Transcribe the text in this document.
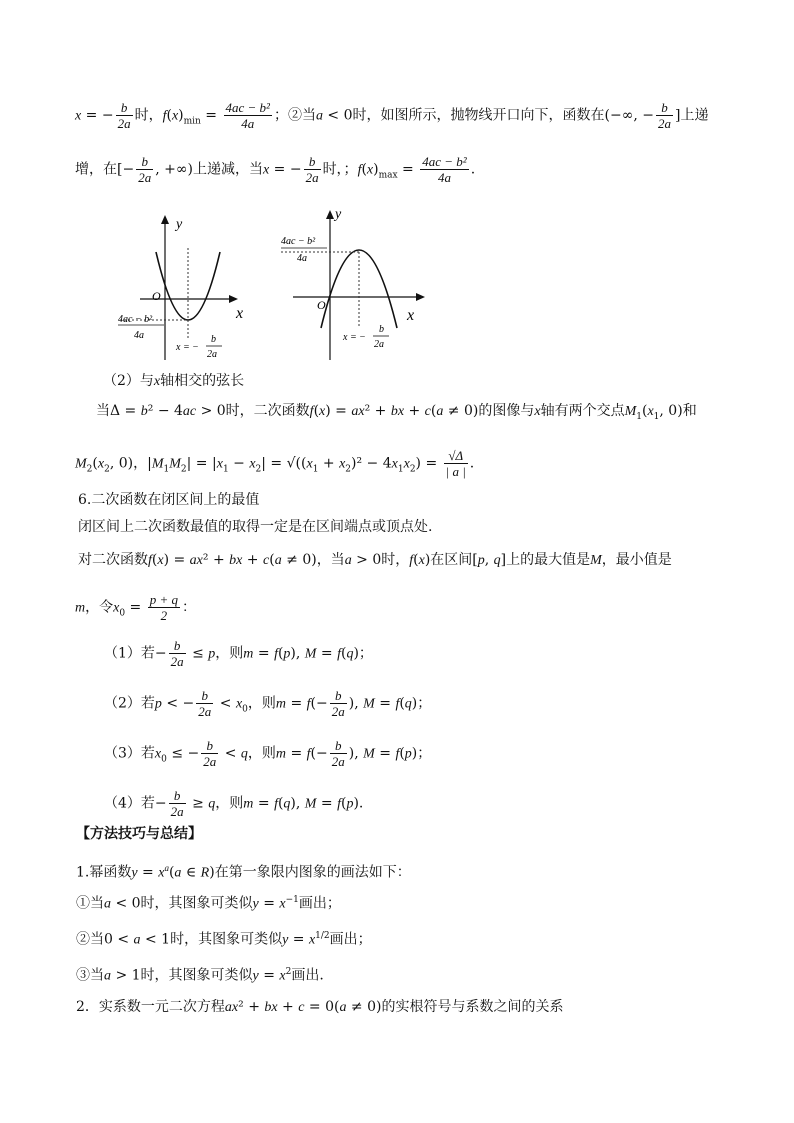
x = − $\frac{b}{2a}$ 时，$f(x)_{min} = \frac{\text{4ac − b²}}{4a}$ ；②当a < 0时，如图所示，抛物线开口向下，函数在(−∞, − $\frac{b}{2a}$ ]上递
增，在[− $\frac{b}{2a}$ , +∞)上递减，当x = − $\frac{b}{2a}$ 时，；$f(x)_{max} = \frac{\text{4ac − b²}}{4a}$ .
y
x
O
4ac − b²
4a
x = −
b
2a
y
x
O
4ac − b²
4a
x = −
b
2a
（2）与x轴相交的弦长
当Δ = b² − 4ac > 0时，二次函数f(x) = ax² + bx + c(a ≠ 0)的图像与x轴有两个交点$M_1(x_1$, 0)和
$M_2(x_2$, 0)，$|M_1M_2| = |x_1 - x_2| = √((x_1 + x_2)^2 - 4x_1x_2) = \frac{√\Delta}{| a |}$ .
6.二次函数在闭区间上的最值
闭区间上二次函数最值的取得一定是在区间端点或顶点处.
对二次函数f(x) = ax² + bx + c(a ≠ 0)，当a > 0时，f(x)在区间[p, q]上的最大值是M，最小值是
m，令$x_0 = \frac{p + q}{2}$ ：
（1）若− $\frac{b}{2a} \le p$，则m = f(p), M = f(q)；
（2）若p < − $\frac{b}{2a} < x_0$，则$m = f(- \frac{b}{2a}$ ), M = f(q)；
（3）若$x_0$ ≤ − $\frac{b}{2a} < q$，则$m = f(- \frac{b}{2a}$ ), M = f(p)；
（4）若− $\frac{b}{2a} \ge q$，则m = f(q), M = f(p).
【方法技巧与总结】
1.幂函数$y = x^a(a$ ∈ R)在第一象限内图象的画法如下：
①当a < 0时，其图象可类似$y = x^{-1}$画出；
②当0 < a < 1时，其图象可类似$y = x^{1/2}$画出；
③当a > 1时，其图象可类似$y = x^2$画出.
2．实系数一元二次方程ax² + bx + c = 0(a ≠ 0)的实根符号与系数之间的关系
